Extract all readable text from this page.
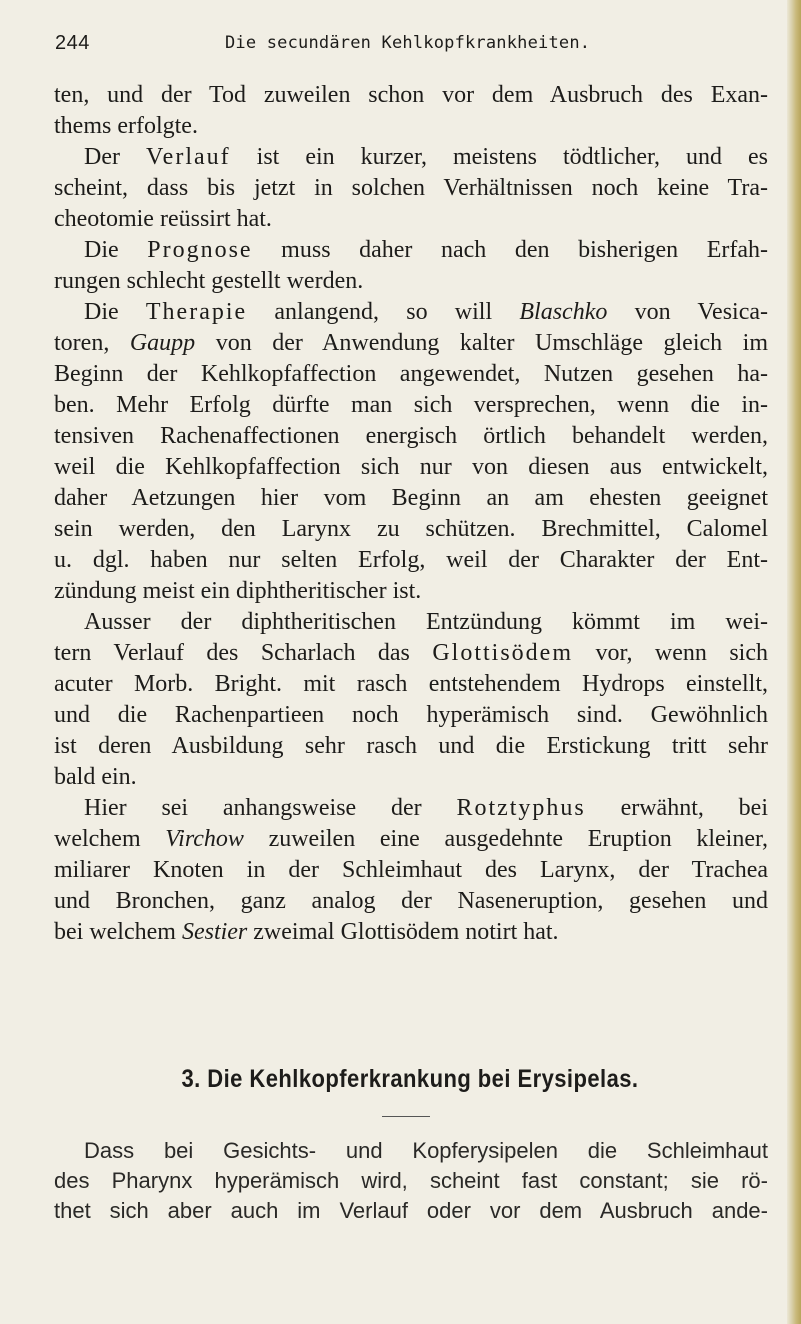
244	Die secundären Kehlkopfkrankheiten.
ten, und der Tod zuweilen schon vor dem Ausbruch des Exan-
thems erfolgte.
Der Verlauf ist ein kurzer, meistens tödtlicher, und es
scheint, dass bis jetzt in solchen Verhältnissen noch keine Tra-
cheotomie reüssirt hat.
Die Prognose muss daher nach den bisherigen Erfah-
rungen schlecht gestellt werden.
Die Therapie anlangend, so will Blaschko von Vesica-
toren, Gaupp von der Anwendung kalter Umschläge gleich im
Beginn der Kehlkopfaffection angewendet, Nutzen gesehen ha-
ben. Mehr Erfolg dürfte man sich versprechen, wenn die in-
tensiven Rachenaffectionen energisch örtlich behandelt werden,
weil die Kehlkopfaffection sich nur von diesen aus entwickelt,
daher Aetzungen hier vom Beginn an am ehesten geeignet
sein werden, den Larynx zu schützen. Brechmittel, Calomel
u. dgl. haben nur selten Erfolg, weil der Charakter der Ent-
zündung meist ein diphtheritischer ist.
Ausser der diphtheritischen Entzündung kömmt im wei-
tern Verlauf des Scharlach das Glottisödem vor, wenn sich
acuter Morb. Bright. mit rasch entstehendem Hydrops einstellt,
und die Rachenpartieen noch hyperämisch sind. Gewöhnlich
ist deren Ausbildung sehr rasch und die Erstickung tritt sehr
bald ein.
Hier sei anhangsweise der Rotztyphus erwähnt, bei
welchem Virchow zuweilen eine ausgedehnte Eruption kleiner,
miliarer Knoten in der Schleimhaut des Larynx, der Trachea
und Bronchen, ganz analog der Naseneruption, gesehen und
bei welchem Sestier zweimal Glottisödem notirt hat.
3. Die Kehlkopferkrankung bei Erysipelas.
Dass bei Gesichts- und Kopferysipelen die Schleimhaut
des Pharynx hyperämisch wird, scheint fast constant; sie rö-
thet sich aber auch im Verlauf oder vor dem Ausbruch ande-
